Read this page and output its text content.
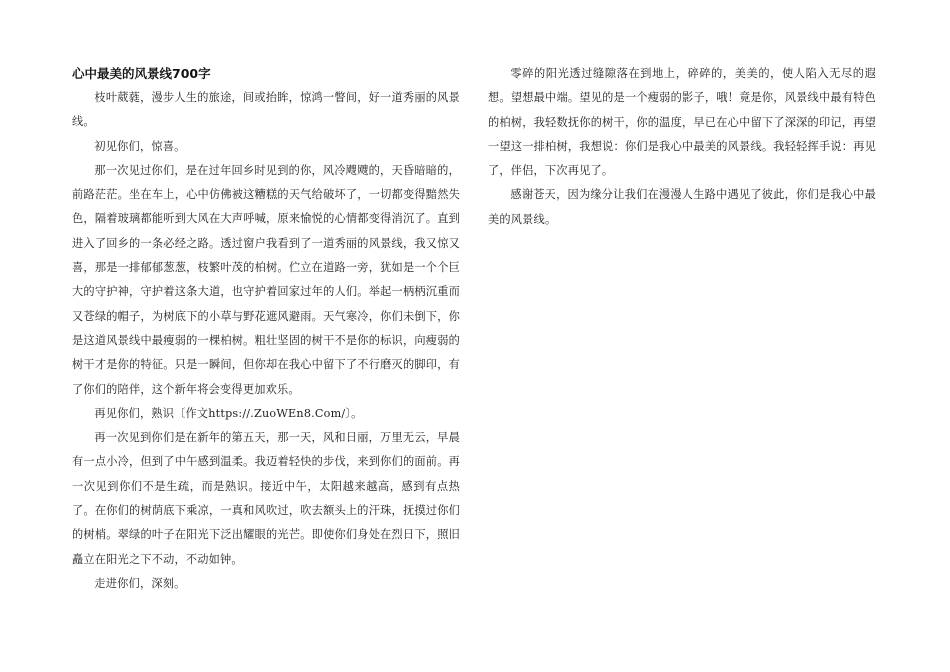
心中最美的风景线700字

枝叶葳蕤，漫步人生的旅途，间或抬眸，惊鸿一瞥间，好一道秀丽的风景线。

初见你们，惊喜。

那一次见过你们，是在过年回乡时见到的你，风冷飕飕的，天昏暗暗的，前路茫茫。坐在车上，心中仿佛被这糟糕的天气给破坏了，一切都变得黯然失色，隔着玻璃都能听到大风在大声呼喊，原来愉悦的心情都变得消沉了。直到进入了回乡的一条必经之路。透过窗户我看到了一道秀丽的风景线，我又惊又喜，那是一排郁郁葱葱，枝繁叶茂的柏树。伫立在道路一旁，犹如是一个个巨大的守护神，守护着这条大道，也守护着回家过年的人们。举起一柄柄沉重而又苍绿的帽子，为树底下的小草与野花遮风避雨。天气寒冷，你们未倒下，你是这道风景线中最瘦弱的一棵柏树。粗壮坚固的树干不是你的标识，向瘦弱的树干才是你的特征。只是一瞬间，但你却在我心中留下了不行磨灭的脚印，有了你们的陪伴，这个新年将会变得更加欢乐。

再见你们，熟识〔作文https://.ZuoWEn8.Com/〕。

再一次见到你们是在新年的第五天，那一天，风和日丽，万里无云，早晨有一点小冷，但到了中午感到温柔。我迈着轻快的步伐，来到你们的面前。再一次见到你们不是生疏，而是熟识。接近中午，太阳越来越高，感到有点热了。在你们的树荫底下乘凉，一真和风吹过，吹去额头上的汗珠，抚摸过你们的树梢。翠绿的叶子在阳光下泛出耀眼的光芒。即使你们身处在烈日下，照旧矗立在阳光之下不动，不动如钟。

走进你们，深刻。

零碎的阳光透过缝隙落在到地上，碎碎的，美美的，使人陷入无尽的遐想。望想最中端。望见的是一个瘦弱的影子，哦！竟是你，风景线中最有特色的柏树，我轻数抚你的树干，你的温度，早已在心中留下了深深的印记，再望一望这一排柏树，我想说：你们是我心中最美的风景线。我轻轻挥手说：再见了，伴侣，下次再见了。

感谢苍天，因为缘分让我们在漫漫人生路中遇见了彼此，你们是我心中最美的风景线。
